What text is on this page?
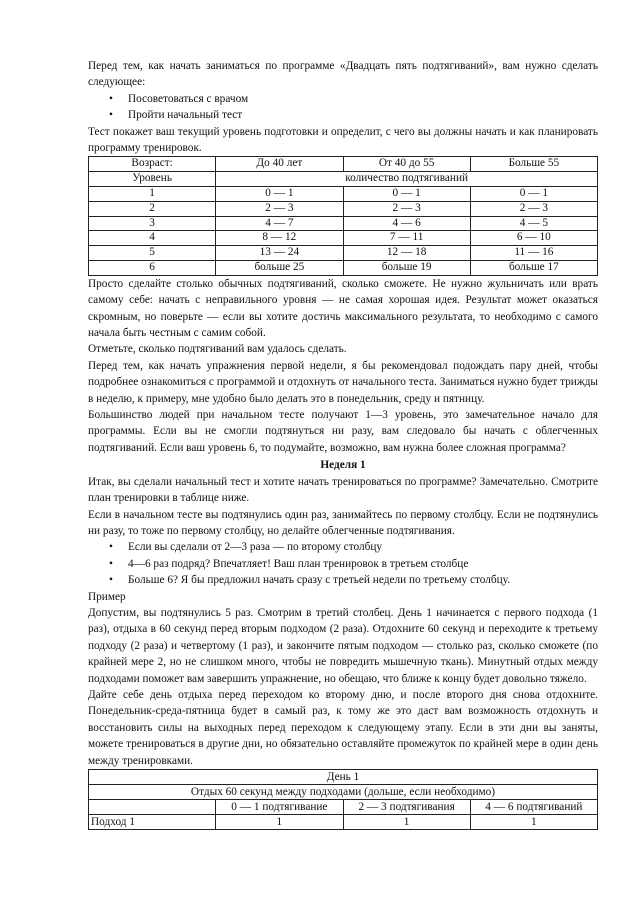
Перед тем, как начать заниматься по программе «Двадцать пять подтягиваний», вам нужно сделать следующее:

• Посоветоваться с врачом
• Пройти начальный тест

Тест покажет ваш текущий уровень подготовки и определит, с чего вы должны начать и как планировать программу тренировок.

Возраст:	До 40 лет	От 40 до 55	Больше 55
Уровень	количество подтягиваний		
1	0 — 1	0 — 1	0 — 1
2	2 — 3	2 — 3	2 — 3
3	4 — 7	4 — 6	4 — 5
4	8 — 12	7 — 11	6 — 10
5	13 — 24	12 — 18	11 — 16
6	больше 25	больше 19	больше 17

Просто сделайте столько обычных подтягиваний, сколько сможете. Не нужно жульничать или врать самому себе: начать с неправильного уровня — не самая хорошая идея. Результат может оказаться скромным, но поверьте — если вы хотите достичь максимального результата, то необходимо с самого начала быть честным с самим собой.

Отметьте, сколько подтягиваний вам удалось сделать.

Перед тем, как начать упражнения первой недели, я бы рекомендовал подождать пару дней, чтобы подробнее ознакомиться с программой и отдохнуть от начального теста. Заниматься нужно будет трижды в неделю, к примеру, мне удобно было делать это в понедельник, среду и пятницу.

Большинство людей при начальном тесте получают 1—3 уровень, это замечательное начало для программы. Если вы не смогли подтянуться ни разу, вам следовало бы начать с облегченных подтягиваний. Если ваш уровень 6, то подумайте, возможно, вам нужна более сложная программа?

Неделя 1

Итак, вы сделали начальный тест и хотите начать тренироваться по программе? Замечательно. Смотрите план тренировки в таблице ниже.

Если в начальном тесте вы подтянулись один раз, занимайтесь по первому столбцу. Если не подтянулись ни разу, то тоже по первому столбцу, но делайте облегченные подтягивания.

• Если вы сделали от 2—3 раза — по второму столбцу
• 4—6 раз подряд? Впечатляет! Ваш план тренировок в третьем столбце
• Больше 6? Я бы предложил начать сразу с третьей недели по третьему столбцу.

Пример

Допустим, вы подтянулись 5 раз. Смотрим в третий столбец. День 1 начинается с первого подхода (1 раз), отдыха в 60 секунд перед вторым подходом (2 раза). Отдохните 60 секунд и переходите к третьему подходу (2 раза) и четвертому (1 раз), и закончите пятым подходом — столько раз, сколько сможете (по крайней мере 2, но не слишком много, чтобы не повредить мышечную ткань). Минутный отдых между подходами поможет вам завершить упражнение, но обещаю, что ближе к концу будет довольно тяжело.

Дайте себе день отдыха перед переходом ко второму дню, и после второго дня снова отдохните. Понедельник-среда-пятница будет в самый раз, к тому же это даст вам возможность отдохнуть и восстановить силы на выходных перед переходом к следующему этапу. Если в эти дни вы заняты, можете тренироваться в другие дни, но обязательно оставляйте промежуток по крайней мере в один день между тренировками.

День 1			
Отдых 60 секунд между подходами (дольше, если необходимо)			
	0 — 1 подтягивание	2 — 3 подтягивания	4 — 6 подтягиваний
Подход 1	1	1	1
